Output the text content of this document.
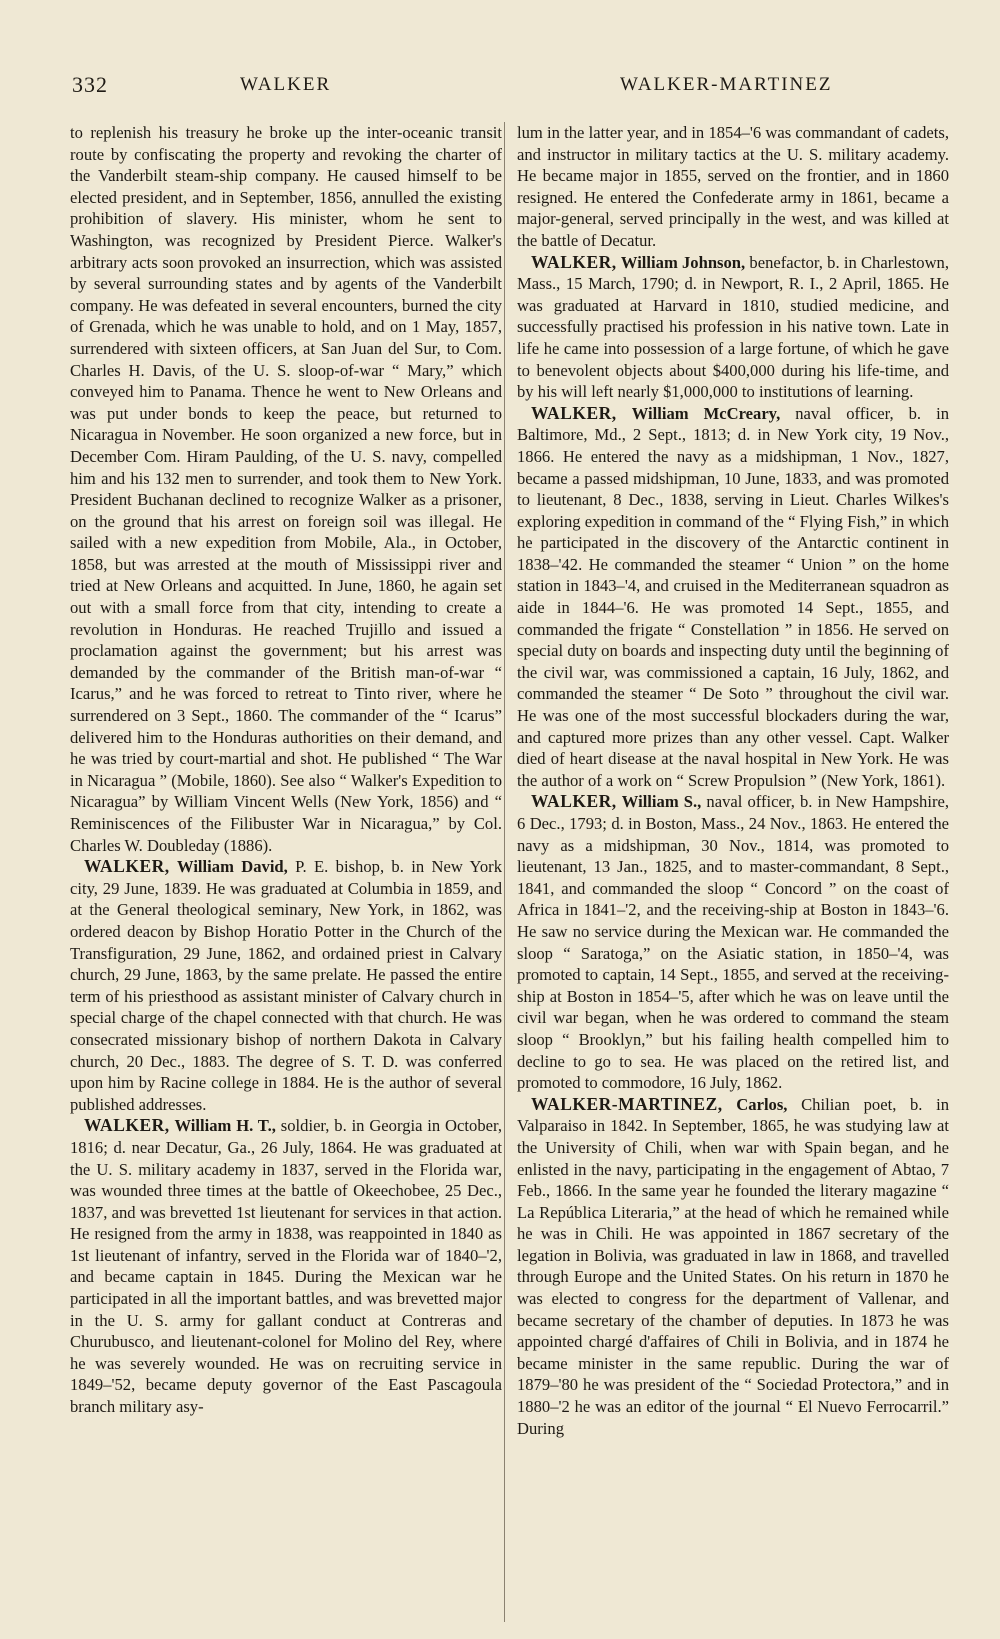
332	WALKER	WALKER-MARTINEZ

to replenish his treasury he broke up the inter-oceanic transit route by confiscating the property and revoking the charter of the Vanderbilt steam-ship company. He caused himself to be elected president, and in September, 1856, annulled the existing prohibition of slavery. His minister, whom he sent to Washington, was recognized by President Pierce. Walker's arbitrary acts soon provoked an insurrection, which was assisted by several surrounding states and by agents of the Vanderbilt company. He was defeated in several encounters, burned the city of Grenada, which he was unable to hold, and on 1 May, 1857, surrendered with sixteen officers, at San Juan del Sur, to Com. Charles H. Davis, of the U. S. sloop-of-war “ Mary,” which conveyed him to Panama. Thence he went to New Orleans and was put under bonds to keep the peace, but returned to Nicaragua in November. He soon organized a new force, but in December Com. Hiram Paulding, of the U. S. navy, compelled him and his 132 men to surrender, and took them to New York. President Buchanan declined to recognize Walker as a prisoner, on the ground that his arrest on foreign soil was illegal. He sailed with a new expedition from Mobile, Ala., in October, 1858, but was arrested at the mouth of Mississippi river and tried at New Orleans and acquitted. In June, 1860, he again set out with a small force from that city, intending to create a revolution in Honduras. He reached Trujillo and issued a proclamation against the government; but his arrest was demanded by the commander of the British man-of-war “ Icarus,” and he was forced to retreat to Tinto river, where he surrendered on 3 Sept., 1860. The commander of the “ Icarus” delivered him to the Honduras authorities on their demand, and he was tried by court-martial and shot. He published “ The War in Nicaragua ” (Mobile, 1860). See also “ Walker's Expedition to Nicaragua” by William Vincent Wells (New York, 1856) and “ Reminiscences of the Filibuster War in Nicaragua,” by Col. Charles W. Doubleday (1886).

WALKER, William David, P. E. bishop, b. in New York city, 29 June, 1839. He was graduated at Columbia in 1859, and at the General theological seminary, New York, in 1862, was ordered deacon by Bishop Horatio Potter in the Church of the Transfiguration, 29 June, 1862, and ordained priest in Calvary church, 29 June, 1863, by the same prelate. He passed the entire term of his priesthood as assistant minister of Calvary church in special charge of the chapel connected with that church. He was consecrated missionary bishop of northern Dakota in Calvary church, 20 Dec., 1883. The degree of S. T. D. was conferred upon him by Racine college in 1884. He is the author of several published addresses.

WALKER, William H. T., soldier, b. in Georgia in October, 1816; d. near Decatur, Ga., 26 July, 1864. He was graduated at the U. S. military academy in 1837, served in the Florida war, was wounded three times at the battle of Okeechobee, 25 Dec., 1837, and was brevetted 1st lieutenant for services in that action. He resigned from the army in 1838, was reappointed in 1840 as 1st lieutenant of infantry, served in the Florida war of 1840–'2, and became captain in 1845. During the Mexican war he participated in all the important battles, and was brevetted major in the U. S. army for gallant conduct at Contreras and Churubusco, and lieutenant-colonel for Molino del Rey, where he was severely wounded. He was on recruiting service in 1849–'52, became deputy governor of the East Pascagoula branch military asy-

lum in the latter year, and in 1854–'6 was commandant of cadets, and instructor in military tactics at the U. S. military academy. He became major in 1855, served on the frontier, and in 1860 resigned. He entered the Confederate army in 1861, became a major-general, served principally in the west, and was killed at the battle of Decatur.

WALKER, William Johnson, benefactor, b. in Charlestown, Mass., 15 March, 1790; d. in Newport, R. I., 2 April, 1865. He was graduated at Harvard in 1810, studied medicine, and successfully practised his profession in his native town. Late in life he came into possession of a large fortune, of which he gave to benevolent objects about $400,000 during his life-time, and by his will left nearly $1,000,000 to institutions of learning.

WALKER, William McCreary, naval officer, b. in Baltimore, Md., 2 Sept., 1813; d. in New York city, 19 Nov., 1866. He entered the navy as a midshipman, 1 Nov., 1827, became a passed midshipman, 10 June, 1833, and was promoted to lieutenant, 8 Dec., 1838, serving in Lieut. Charles Wilkes's exploring expedition in command of the “ Flying Fish,” in which he participated in the discovery of the Antarctic continent in 1838–'42. He commanded the steamer “ Union ” on the home station in 1843–'4, and cruised in the Mediterranean squadron as aide in 1844–'6. He was promoted 14 Sept., 1855, and commanded the frigate “ Constellation ” in 1856. He served on special duty on boards and inspecting duty until the beginning of the civil war, was commissioned a captain, 16 July, 1862, and commanded the steamer “ De Soto ” throughout the civil war. He was one of the most successful blockaders during the war, and captured more prizes than any other vessel. Capt. Walker died of heart disease at the naval hospital in New York. He was the author of a work on “ Screw Propulsion ” (New York, 1861).

WALKER, William S., naval officer, b. in New Hampshire, 6 Dec., 1793; d. in Boston, Mass., 24 Nov., 1863. He entered the navy as a midshipman, 30 Nov., 1814, was promoted to lieutenant, 13 Jan., 1825, and to master-commandant, 8 Sept., 1841, and commanded the sloop “ Concord ” on the coast of Africa in 1841–'2, and the receiving-ship at Boston in 1843–'6. He saw no service during the Mexican war. He commanded the sloop “ Saratoga,” on the Asiatic station, in 1850–'4, was promoted to captain, 14 Sept., 1855, and served at the receiving-ship at Boston in 1854–'5, after which he was on leave until the civil war began, when he was ordered to command the steam sloop “ Brooklyn,” but his failing health compelled him to decline to go to sea. He was placed on the retired list, and promoted to commodore, 16 July, 1862.

WALKER-MARTINEZ, Carlos, Chilian poet, b. in Valparaiso in 1842. In September, 1865, he was studying law at the University of Chili, when war with Spain began, and he enlisted in the navy, participating in the engagement of Abtao, 7 Feb., 1866. In the same year he founded the literary magazine “ La República Literaria,” at the head of which he remained while he was in Chili. He was appointed in 1867 secretary of the legation in Bolivia, was graduated in law in 1868, and travelled through Europe and the United States. On his return in 1870 he was elected to congress for the department of Vallenar, and became secretary of the chamber of deputies. In 1873 he was appointed chargé d'affaires of Chili in Bolivia, and in 1874 he became minister in the same republic. During the war of 1879–'80 he was president of the “ Sociedad Protectora,” and in 1880–'2 he was an editor of the journal “ El Nuevo Ferrocarril.” During
